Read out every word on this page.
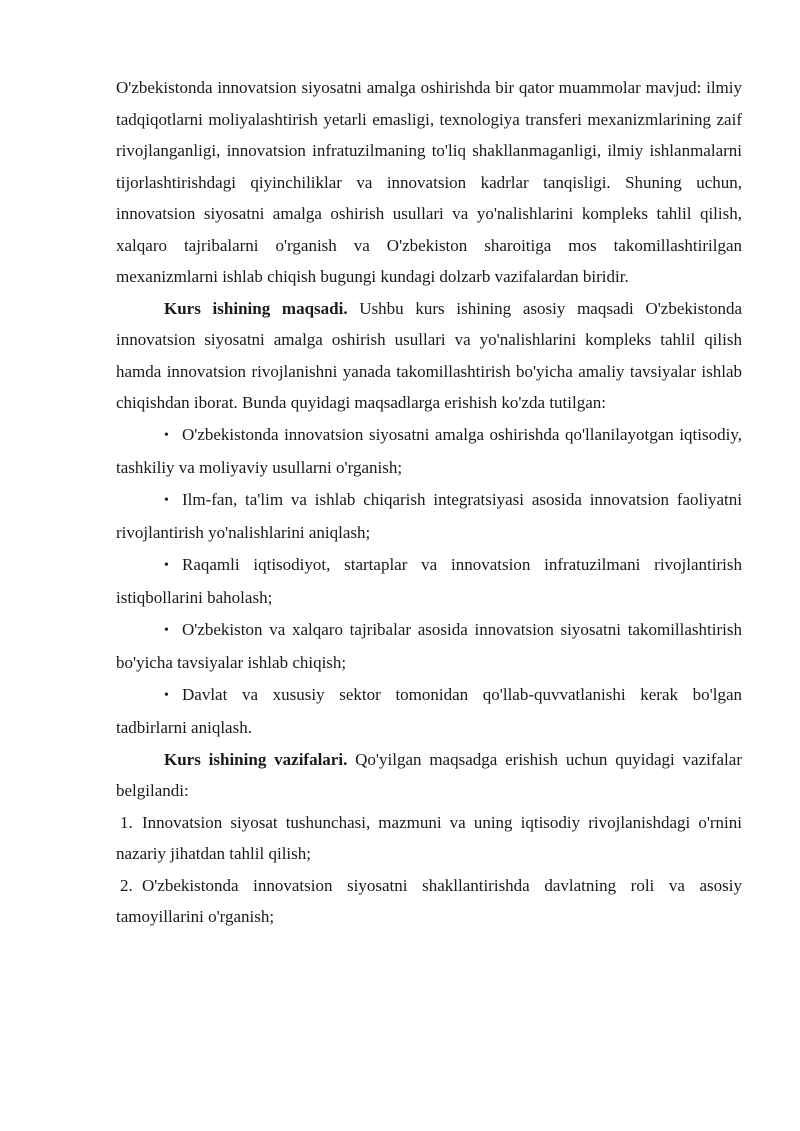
O'zbekistonda innovatsion siyosatni amalga oshirishda bir qator muammolar mavjud: ilmiy tadqiqotlarni moliyalashtirish yetarli emasligi, texnologiya transferi mexanizmlarining zaif rivojlanganligi, innovatsion infratuzilmaning to'liq shakllanmaganligi, ilmiy ishlanmalarni tijorlashtirishdagi qiyinchiliklar va innovatsion kadrlar tanqisligi. Shuning uchun, innovatsion siyosatni amalga oshirish usullari va yo'nalishlarini kompleks tahlil qilish, xalqaro tajribalarni o'rganish va O'zbekiston sharoitiga mos takomillashtirilgan mexanizmlarni ishlab chiqish bugungi kundagi dolzarb vazifalardan biridir.

Kurs ishining maqsadi. Ushbu kurs ishining asosiy maqsadi O'zbekistonda innovatsion siyosatni amalga oshirish usullari va yo'nalishlarini kompleks tahlil qilish hamda innovatsion rivojlanishni yanada takomillashtirish bo'yicha amaliy tavsiyalar ishlab chiqishdan iborat. Bunda quyidagi maqsadlarga erishish ko'zda tutilgan:

• O'zbekistonda innovatsion siyosatni amalga oshirishda qo'llanilayotgan iqtisodiy, tashkiliy va moliyaviy usullarni o'rganish;

• Ilm-fan, ta'lim va ishlab chiqarish integratsiyasi asosida innovatsion faoliyatni rivojlantirish yo'nalishlarini aniqlash;

• Raqamli iqtisodiyot, startaplar va innovatsion infratuzilmani rivojlantirish istiqbollarini baholash;

• O'zbekiston va xalqaro tajribalar asosida innovatsion siyosatni takomillashtirish bo'yicha tavsiyalar ishlab chiqish;

• Davlat va xususiy sektor tomonidan qo'llab-quvvatlanishi kerak bo'lgan tadbirlarni aniqlash.

Kurs ishining vazifalari. Qo'yilgan maqsadga erishish uchun quyidagi vazifalar belgilandi:

1. Innovatsion siyosat tushunchasi, mazmuni va uning iqtisodiy rivojlanishdagi o'rnini nazariy jihatdan tahlil qilish;

2. O'zbekistonda innovatsion siyosatni shakllantirishda davlatning roli va asosiy tamoyillarini o'rganish;
